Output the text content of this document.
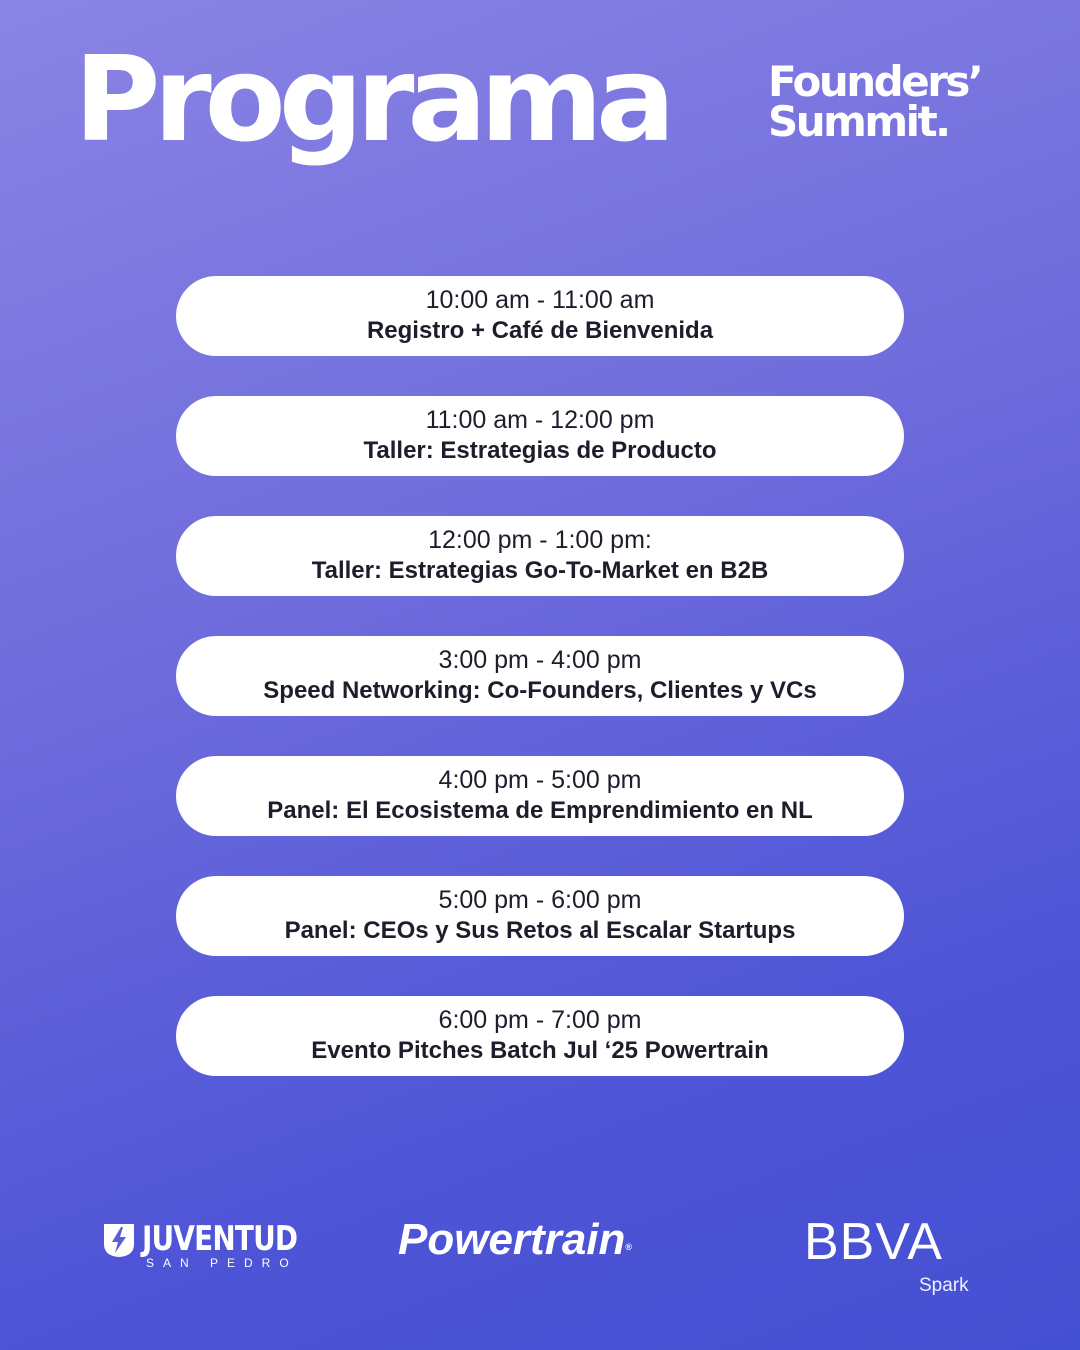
Programa Founders’
Summit.
10:00 am - 11:00 am
Registro + Café de Bienvenida
11:00 am - 12:00 pm
Taller: Estrategias de Producto
12:00 pm - 1:00 pm:
Taller: Estrategias Go-To-Market en B2B
3:00 pm - 4:00 pm
Speed Networking: Co-Founders, Clientes y VCs
4:00 pm - 5:00 pm
Panel: El Ecosistema de Emprendimiento en NL
5:00 pm - 6:00 pm
Panel: CEOs y Sus Retos al Escalar Startups
6:00 pm - 7:00 pm
Evento Pitches Batch Jul ‘25 Powertrain
JUVENTUD
SAN PEDRO	Powertrain®	BBVA
Spark
